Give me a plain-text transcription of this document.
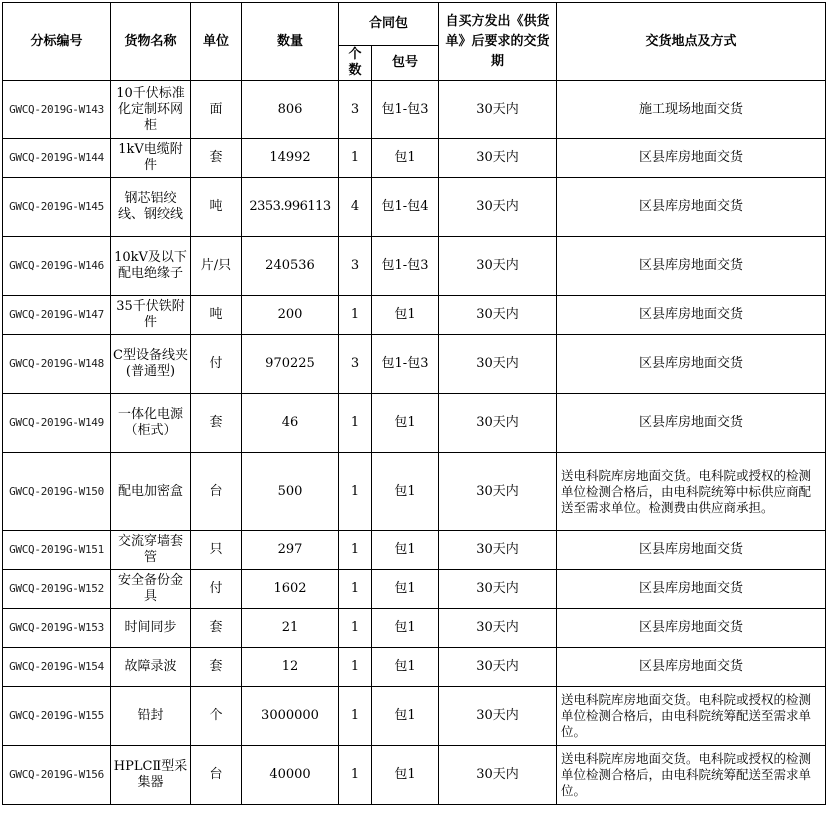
分标编号	货物名称	单位	数量	合同包		自买方发出《供货单》后要求的交货期	交货地点及方式
				个数	包号		
GWCQ-2019G-W143	10千伏标准化定制环网柜	面	806	3	包1-包3	30天内	施工现场地面交货
GWCQ-2019G-W144	1kV电缆附件	套	14992	1	包1	30天内	区县库房地面交货
GWCQ-2019G-W145	钢芯铝绞线、钢绞线	吨	2353.996113	4	包1-包4	30天内	区县库房地面交货
GWCQ-2019G-W146	10kV及以下配电绝缘子	片/只	240536	3	包1-包3	30天内	区县库房地面交货
GWCQ-2019G-W147	35千伏铁附件	吨	200	1	包1	30天内	区县库房地面交货
GWCQ-2019G-W148	C型设备线夹(普通型)	付	970225	3	包1-包3	30天内	区县库房地面交货
GWCQ-2019G-W149	一体化电源（柜式）	套	46	1	包1	30天内	区县库房地面交货
GWCQ-2019G-W150	配电加密盒	台	500	1	包1	30天内	送电科院库房地面交货。电科院或授权的检测单位检测合格后，由电科院统筹中标供应商配送至需求单位。检测费由供应商承担。
GWCQ-2019G-W151	交流穿墙套管	只	297	1	包1	30天内	区县库房地面交货
GWCQ-2019G-W152	安全备份金具	付	1602	1	包1	30天内	区县库房地面交货
GWCQ-2019G-W153	时间同步	套	21	1	包1	30天内	区县库房地面交货
GWCQ-2019G-W154	故障录波	套	12	1	包1	30天内	区县库房地面交货
GWCQ-2019G-W155	铅封	个	3000000	1	包1	30天内	送电科院库房地面交货。电科院或授权的检测单位检测合格后，由电科院统筹配送至需求单位。
GWCQ-2019G-W156	HPLCⅡ型采集器	台	40000	1	包1	30天内	送电科院库房地面交货。电科院或授权的检测单位检测合格后，由电科院统筹配送至需求单位。
